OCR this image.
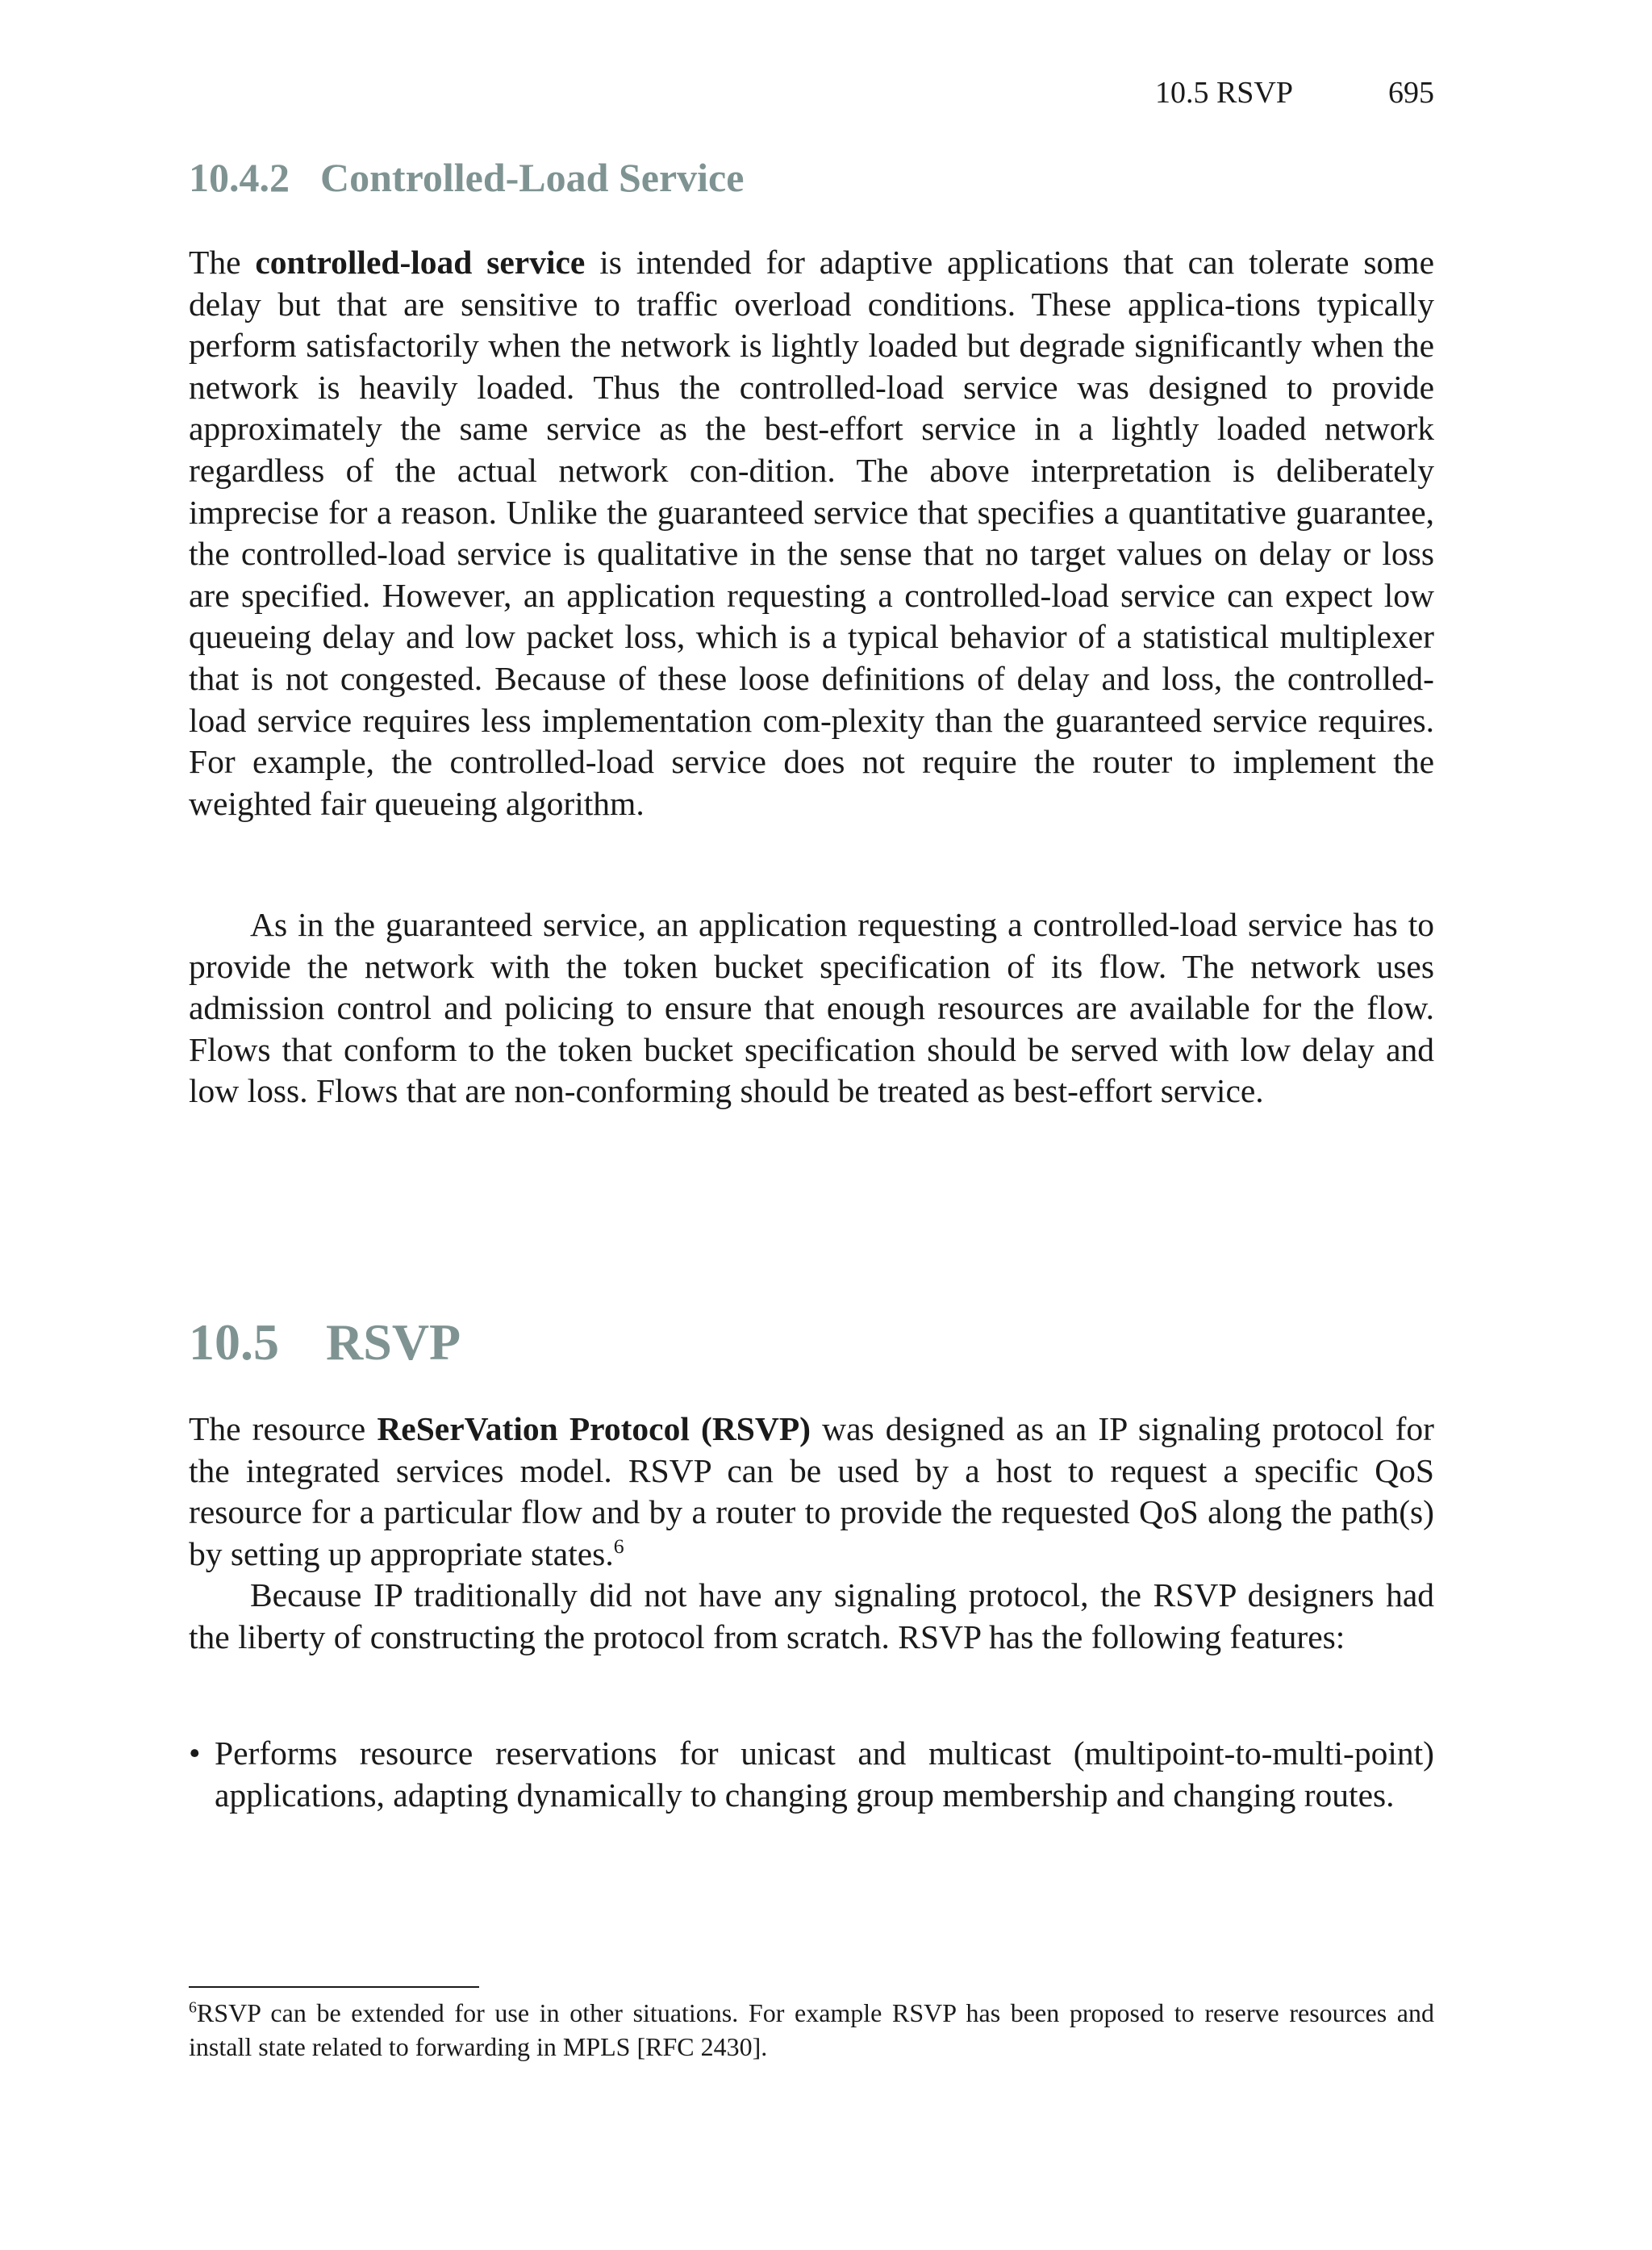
10.5 RSVP	695
10.4.2 Controlled-Load Service

The controlled-load service is intended for adaptive applications that can tolerate some delay but that are sensitive to traffic overload conditions. These applica-tions typically perform satisfactorily when the network is lightly loaded but degrade significantly when the network is heavily loaded. Thus the controlled-load service was designed to provide approximately the same service as the best-effort service in a lightly loaded network regardless of the actual network con-dition. The above interpretation is deliberately imprecise for a reason. Unlike the guaranteed service that specifies a quantitative guarantee, the controlled-load service is qualitative in the sense that no target values on delay or loss are specified. However, an application requesting a controlled-load service can expect low queueing delay and low packet loss, which is a typical behavior of a statistical multiplexer that is not congested. Because of these loose definitions of delay and loss, the controlled-load service requires less implementation com-plexity than the guaranteed service requires. For example, the controlled-load service does not require the router to implement the weighted fair queueing algorithm.

As in the guaranteed service, an application requesting a controlled-load service has to provide the network with the token bucket specification of its flow. The network uses admission control and policing to ensure that enough resources are available for the flow. Flows that conform to the token bucket specification should be served with low delay and low loss. Flows that are non-conforming should be treated as best-effort service.

10.5 RSVP

The resource ReSerVation Protocol (RSVP) was designed as an IP signaling protocol for the integrated services model. RSVP can be used by a host to request a specific QoS resource for a particular flow and by a router to provide the requested QoS along the path(s) by setting up appropriate states.$^6$

Because IP traditionally did not have any signaling protocol, the RSVP designers had the liberty of constructing the protocol from scratch. RSVP has the following features:

• Performs resource reservations for unicast and multicast (multipoint-to-multi-point) applications, adapting dynamically to changing group membership and changing routes.

$^6$RSVP can be extended for use in other situations. For example RSVP has been proposed to reserve resources and install state related to forwarding in MPLS [RFC 2430].
